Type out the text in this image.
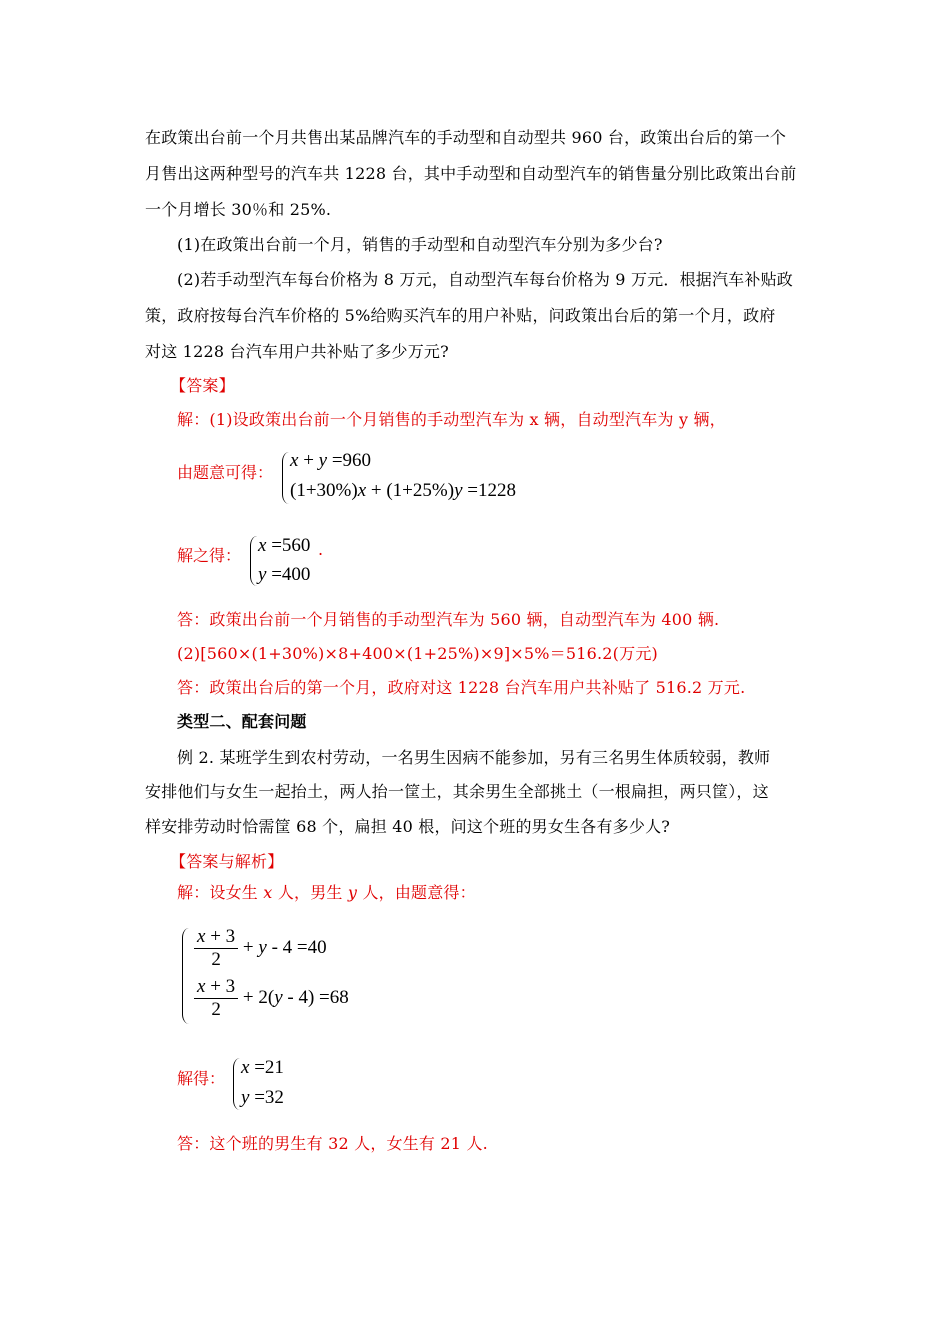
在政策出台前一个月共售出某品牌汽车的手动型和自动型共 960 台，政策出台后的第一个
月售出这两种型号的汽车共 1228 台，其中手动型和自动型汽车的销售量分别比政策出台前
一个月增长 30％和 25%.
(1)在政策出台前一个月，销售的手动型和自动型汽车分别为多少台?
(2)若手动型汽车每台价格为 8 万元，自动型汽车每台价格为 9 万元．根据汽车补贴政
策，政府按每台汽车价格的 5%给购买汽车的用户补贴，问政策出台后的第一个月，政府
对这 1228 台汽车用户共补贴了多少万元?
【答案】
解：(1)设政策出台前一个月销售的手动型汽车为 x 辆，自动型汽车为 y 辆，
由题意可得：
x + y =960
(1+30%)x + (1+25%)y =1228
解之得： x =560
y =400
.
答：政策出台前一个月销售的手动型汽车为 560 辆，自动型汽车为 400 辆.
(2)[560×(1+30%)×8+400×(1+25%)×9]×5%＝516.2(万元)
答：政策出台后的第一个月，政府对这 1228 台汽车用户共补贴了 516.2 万元.
类型二、配套问题
例 2. 某班学生到农村劳动，一名男生因病不能参加，另有三名男生体质较弱，教师
安排他们与女生一起抬土，两人抬一筐土，其余男生全部挑土（一根扁担，两只筐），这
样安排劳动时恰需筐 68 个，扁担 40 根，问这个班的男女生各有多少人?
【答案与解析】
解：设女生 x 人，男生 y 人，由题意得：
$\frac{x + 3}{2} + y - 4 =40$
$\frac{x + 3}{2} + 2(y - 4) =68$
解得：
x =21
y =32
答：这个班的男生有 32 人，女生有 21 人.
